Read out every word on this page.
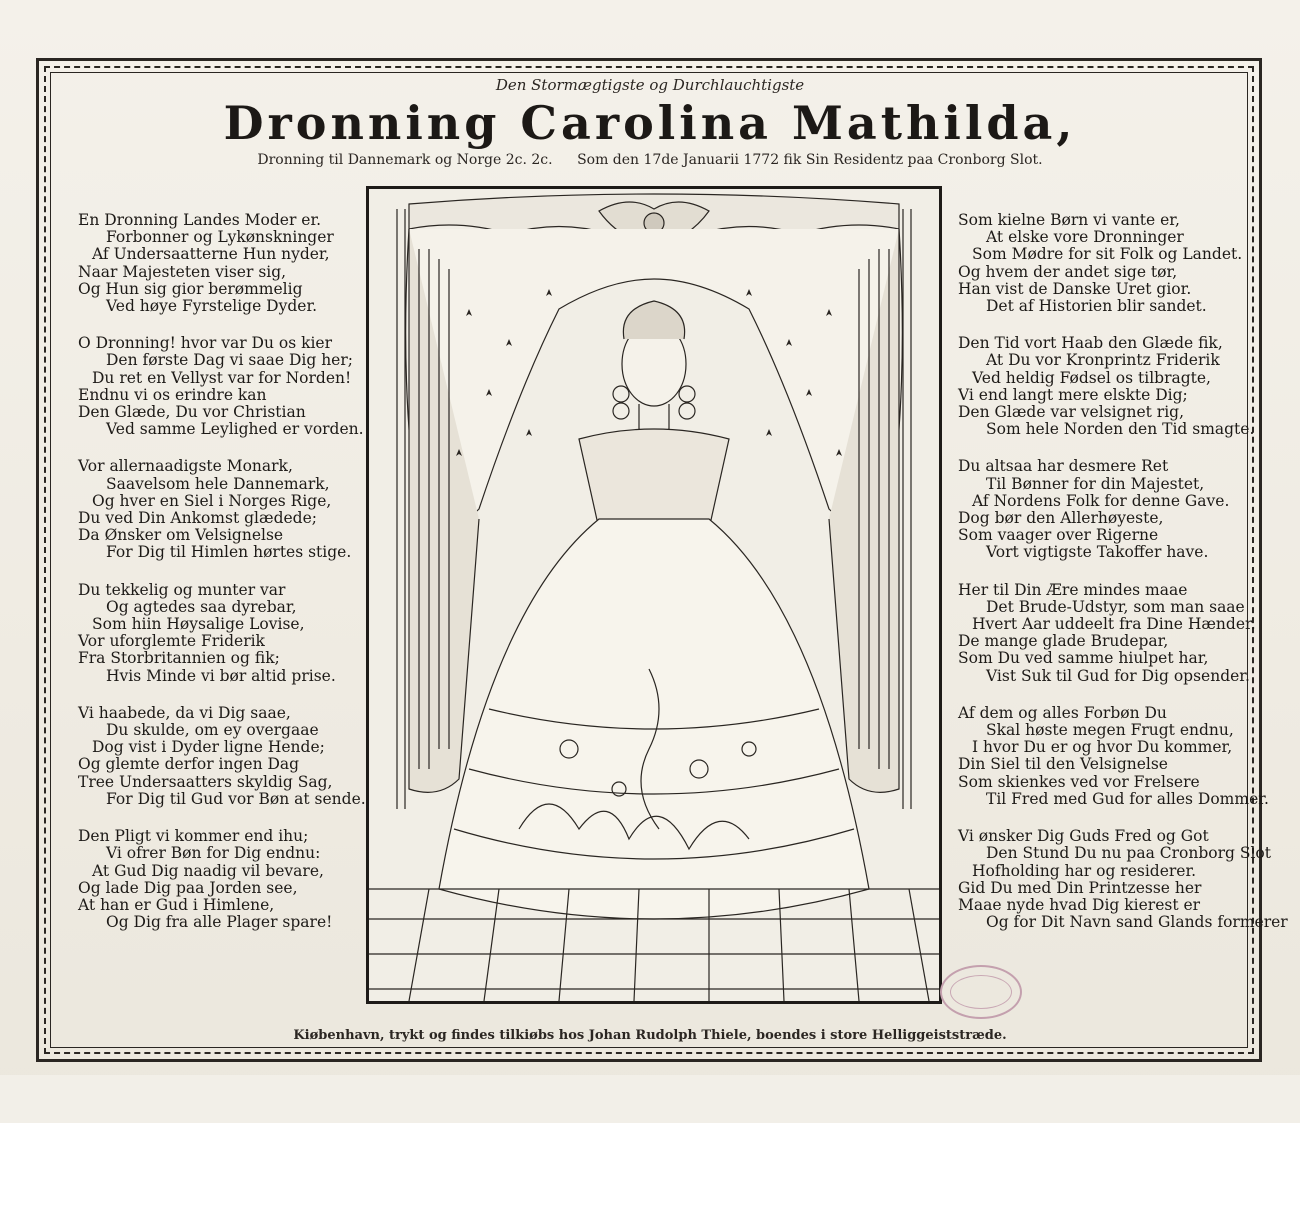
Den Stormægtigste og Durchlauchtigste
Dronning Carolina Mathilda,
Dronning til Dannemark og Norge 2c. 2c. Som den 17de Januarii 1772 fik Sin Residentz paa Cronborg Slot.
En Dronning Landes Moder er.
Forbonner og Lykønskninger
Af Undersaatterne Hun nyder,
Naar Majesteten viser sig,
Og Hun sig gior berømmelig
Ved høye Fyrstelige Dyder.
O Dronning! hvor var Du os kier
Den første Dag vi saae Dig her;
Du ret en Vellyst var for Norden!
Endnu vi os erindre kan
Den Glæde, Du vor Christian
Ved samme Leylighed er vorden.
Vor allernaadigste Monark,
Saavelsom hele Dannemark,
Og hver en Siel i Norges Rige,
Du ved Din Ankomst glædede;
Da Ønsker om Velsignelse
For Dig til Himlen hørtes stige.
Du tekkelig og munter var
Og agtedes saa dyrebar,
Som hiin Høysalige Lovise,
Vor uforglemte Friderik
Fra Storbritannien og fik;
Hvis Minde vi bør altid prise.
Vi haabede, da vi Dig saae,
Du skulde, om ey overgaae
Dog vist i Dyder ligne Hende;
Og glemte derfor ingen Dag
Tree Undersaatters skyldig Sag,
For Dig til Gud vor Bøn at sende.
Den Pligt vi kommer end ihu;
Vi ofrer Bøn for Dig endnu:
At Gud Dig naadig vil bevare,
Og lade Dig paa Jorden see,
At han er Gud i Himlene,
Og Dig fra alle Plager spare!
Som kielne Børn vi vante er,
At elske vore Dronninger
Som Mødre for sit Folk og Landet.
Og hvem der andet sige tør,
Han vist de Danske Uret gior.
Det af Historien blir sandet.
Den Tid vort Haab den Glæde fik,
At Du vor Kronprintz Friderik
Ved heldig Fødsel os tilbragte,
Vi end langt mere elskte Dig;
Den Glæde var velsignet rig,
Som hele Norden den Tid smagte.
Du altsaa har desmere Ret
Til Bønner for din Majestet,
Af Nordens Folk for denne Gave.
Dog bør den Allerhøyeste,
Som vaager over Rigerne
Vort vigtigste Takoffer have.
Her til Din Ære mindes maae
Det Brude-Udstyr, som man saae
Hvert Aar uddeelt fra Dine Hænder.
De mange glade Brudepar,
Som Du ved samme hiulpet har,
Vist Suk til Gud for Dig opsender.
Af dem og alles Forbøn Du
Skal høste megen Frugt endnu,
I hvor Du er og hvor Du kommer,
Din Siel til den Velsignelse
Som skienkes ved vor Frelsere
Til Fred med Gud for alles Dommer.
Vi ønsker Dig Guds Fred og Got
Den Stund Du nu paa Cronborg Slot
Hofholding har og residerer.
Gid Du med Din Printzesse her
Maae nyde hvad Dig kierest er
Og for Dit Navn sand Glands formerer
Kiøbenhavn, trykt og findes tilkiøbs hos Johan Rudolph Thiele, boendes i store Helliggeiststræde.
